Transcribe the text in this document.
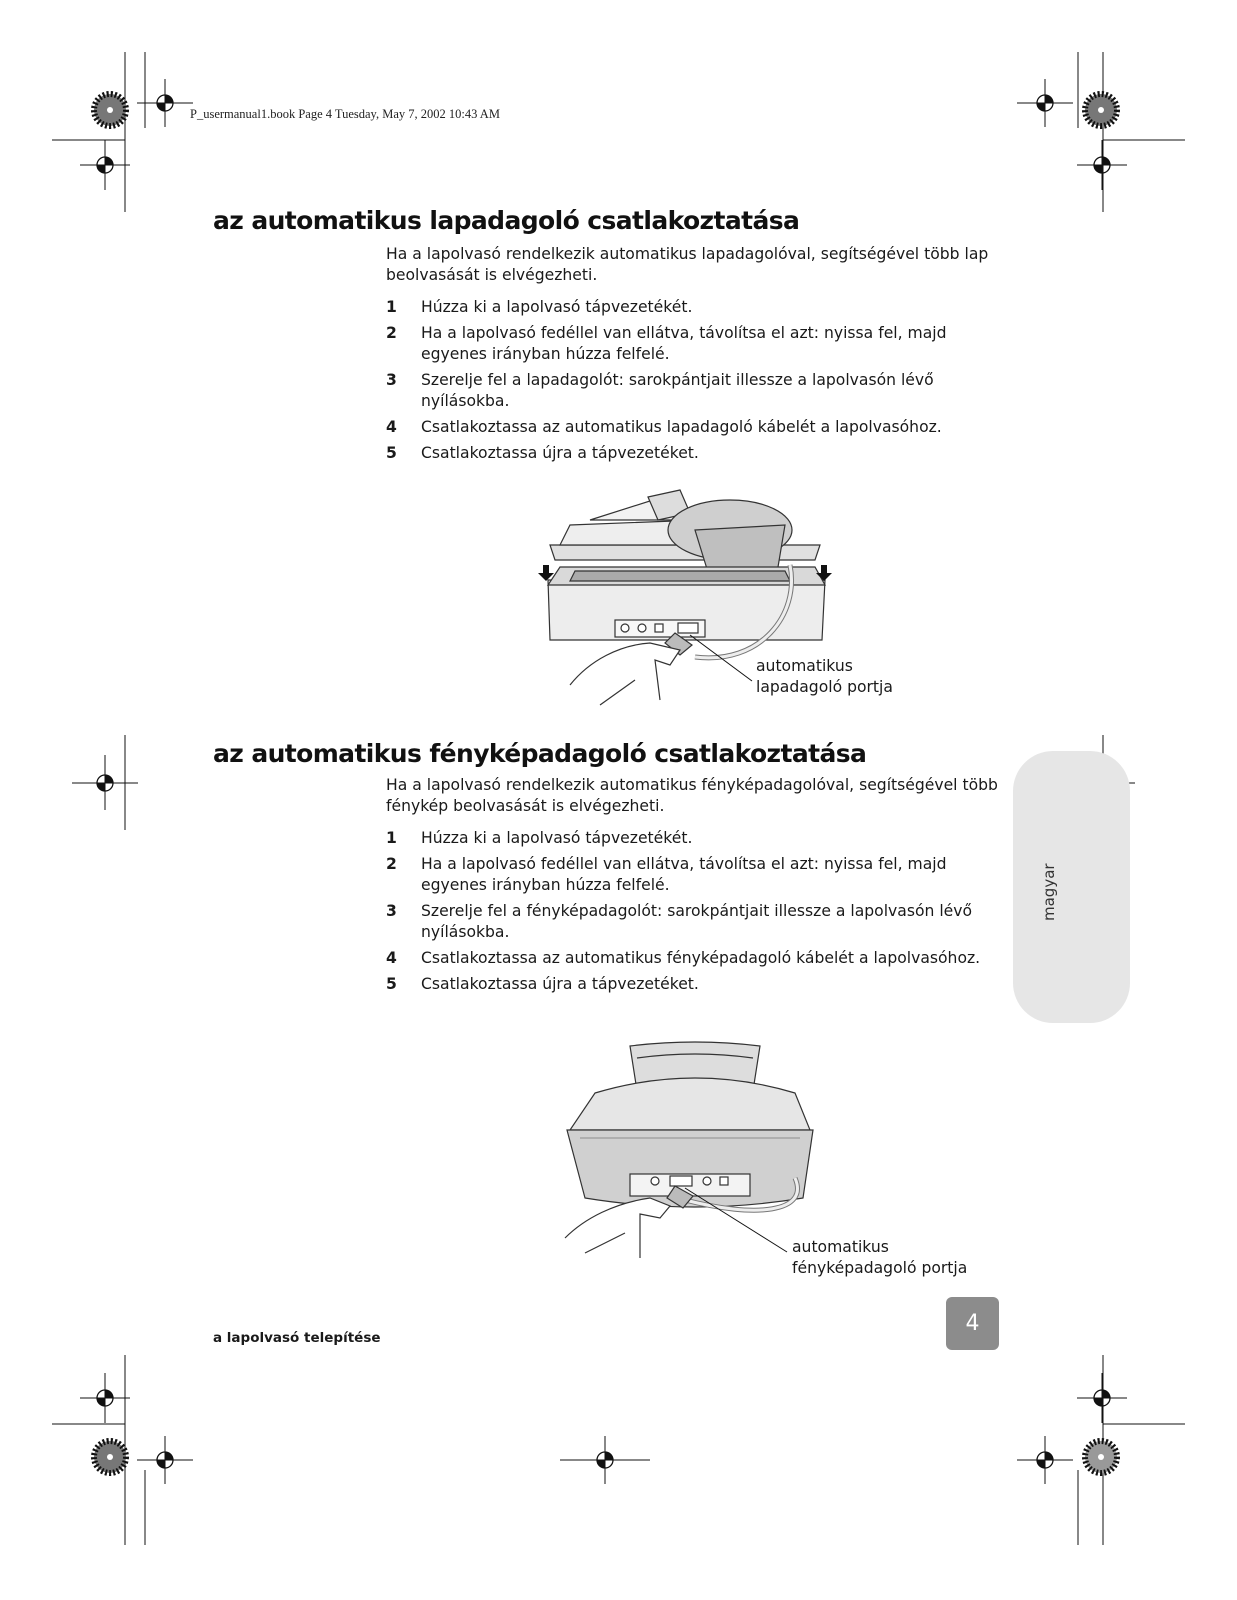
P_usermanual1.book Page 4 Tuesday, May 7, 2002 10:43 AM
magyar
az automatikus lapadagoló csatlakoztatása

Ha a lapolvasó rendelkezik automatikus lapadagolóval, segítségével több lap beolvasását is elvégezheti.

1	Húzza ki a lapolvasó tápvezetékét.
2	Ha a lapolvasó fedéllel van ellátva, távolítsa el azt: nyissa fel, majd egyenes irányban húzza felfelé.
3	Szerelje fel a lapadagolót: sarokpántjait illessze a lapolvasón lévő nyílásokba.
4	Csatlakoztassa az automatikus lapadagoló kábelét a lapolvasóhoz.
5	Csatlakoztassa újra a tápvezetéket.
automatikus
lapadagoló portja
az automatikus fényképadagoló csatlakoztatása

Ha a lapolvasó rendelkezik automatikus fényképadagolóval, segítségével több fénykép beolvasását is elvégezheti.

1	Húzza ki a lapolvasó tápvezetékét.
2	Ha a lapolvasó fedéllel van ellátva, távolítsa el azt: nyissa fel, majd egyenes irányban húzza felfelé.
3	Szerelje fel a fényképadagolót: sarokpántjait illessze a lapolvasón lévő nyílásokba.
4	Csatlakoztassa az automatikus fényképadagoló kábelét a lapolvasóhoz.
5	Csatlakoztassa újra a tápvezetéket.
automatikus
fényképadagoló portja
a lapolvasó telepítése
4
